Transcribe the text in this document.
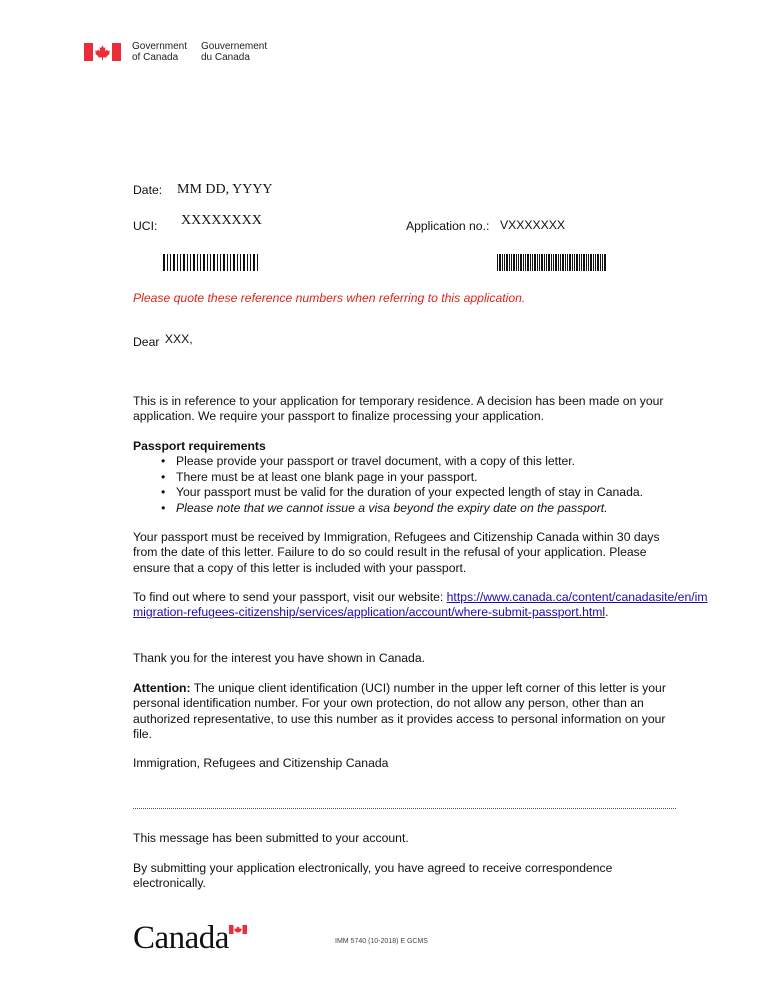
Government
of Canada
Gouvernement
du Canada
Date: MM DD, YYYY
UCI: XXXXXXXX	Application no.: VXXXXXXX
Please quote these reference numbers when referring to this application.
Dear XXX,

This is in reference to your application for temporary residence. A decision has been made on your application. We require your passport to finalize processing your application.

Passport requirements

• Please provide your passport or travel document, with a copy of this letter.
• There must be at least one blank page in your passport.
• Your passport must be valid for the duration of your expected length of stay in Canada.
• Please note that we cannot issue a visa beyond the expiry date on the passport.

Your passport must be received by Immigration, Refugees and Citizenship Canada within 30 days from the date of this letter. Failure to do so could result in the refusal of your application. Please ensure that a copy of this letter is included with your passport.

To find out where to send your passport, visit our website: https://www.canada.ca/content/canadasite/en/immigration-refugees-citizenship/services/application/account/where-submit-passport.html.

Thank you for the interest you have shown in Canada.

Attention: The unique client identification (UCI) number in the upper left corner of this letter is your personal identification number. For your own protection, do not allow any person, other than an authorized representative, to use this number as it provides access to personal information on your file.

Immigration, Refugees and Citizenship Canada

This message has been submitted to your account.

By submitting your application electronically, you have agreed to receive correspondence electronically.

Canada	IMM 5740 (10-2018) E GCMS
